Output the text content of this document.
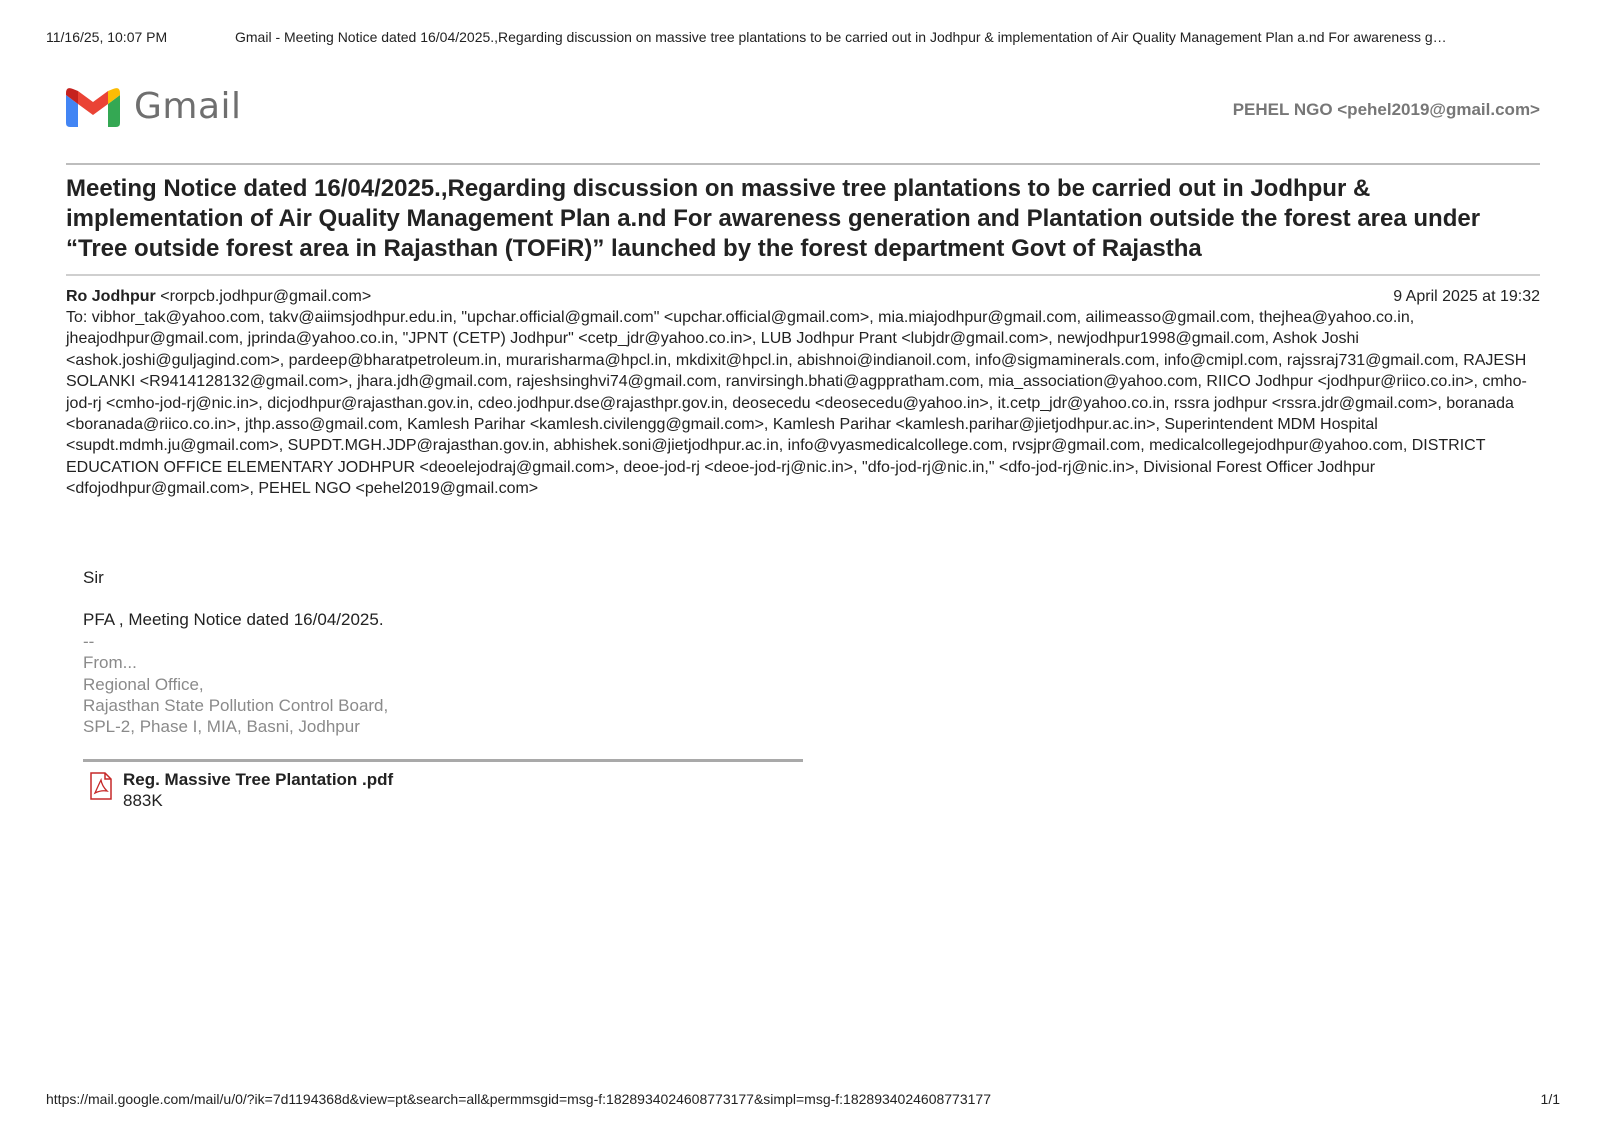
11/16/25, 10:07 PM	Gmail - Meeting Notice dated 16/04/2025.,Regarding discussion on massive tree plantations to be carried out in Jodhpur & implementation of Air Quality Management Plan a.nd For awareness g…
Gmail	PEHEL NGO <pehel2019@gmail.com>
Meeting Notice dated 16/04/2025.,Regarding discussion on massive tree plantations to be carried out in Jodhpur & implementation of Air Quality Management Plan a.nd For awareness generation and Plantation outside the forest area under “Tree outside forest area in Rajasthan (TOFiR)” launched by the forest department Govt of Rajastha
Ro Jodhpur <rorpcb.jodhpur@gmail.com>	9 April 2025 at 19:32

To: vibhor_tak@yahoo.com, takv@aiimsjodhpur.edu.in, "upchar.official@gmail.com" <upchar.official@gmail.com>, mia.miajodhpur@gmail.com, ailimeasso@gmail.com, thejhea@yahoo.co.in, jheajodhpur@gmail.com, jprinda@yahoo.co.in, "JPNT (CETP) Jodhpur" <cetp_jdr@yahoo.co.in>, LUB Jodhpur Prant <lubjdr@gmail.com>, newjodhpur1998@gmail.com, Ashok Joshi <ashok.joshi@guljagind.com>, pardeep@bharatpetroleum.in, murarisharma@hpcl.in, mkdixit@hpcl.in, abishnoi@indianoil.com, info@sigmaminerals.com, info@cmipl.com, rajssraj731@gmail.com, RAJESH SOLANKI <R9414128132@gmail.com>, jhara.jdh@gmail.com, rajeshsinghvi74@gmail.com, ranvirsingh.bhati@agppratham.com, mia_association@yahoo.com, RIICO Jodhpur <jodhpur@riico.co.in>, cmho-jod-rj <cmho-jod-rj@nic.in>, dicjodhpur@rajasthan.gov.in, cdeo.jodhpur.dse@rajasthpr.gov.in, deosecedu <deosecedu@yahoo.in>, it.cetp_jdr@yahoo.co.in, rssra jodhpur <rssra.jdr@gmail.com>, boranada <boranada@riico.co.in>, jthp.asso@gmail.com, Kamlesh Parihar <kamlesh.civilengg@gmail.com>, Kamlesh Parihar <kamlesh.parihar@jietjodhpur.ac.in>, Superintendent MDM Hospital <supdt.mdmh.ju@gmail.com>, SUPDT.MGH.JDP@rajasthan.gov.in, abhishek.soni@jietjodhpur.ac.in, info@vyasmedicalcollege.com, rvsjpr@gmail.com, medicalcollegejodhpur@yahoo.com, DISTRICT EDUCATION OFFICE ELEMENTARY JODHPUR <deoelejodraj@gmail.com>, deoe-jod-rj <deoe-jod-rj@nic.in>, "dfo-jod-rj@nic.in," <dfo-jod-rj@nic.in>, Divisional Forest Officer Jodhpur <dfojodhpur@gmail.com>, PEHEL NGO <pehel2019@gmail.com>

Sir

PFA , Meeting Notice dated 16/04/2025.

--

From...

Regional Office,

Rajasthan State Pollution Control Board,

SPL-2, Phase I, MIA, Basni, Jodhpur

Reg. Massive Tree Plantation .pdf
883K
https://mail.google.com/mail/u/0/?ik=7d1194368d&view=pt&search=all&permmsgid=msg-f:1828934024608773177&simpl=msg-f:1828934024608773177	1/1
